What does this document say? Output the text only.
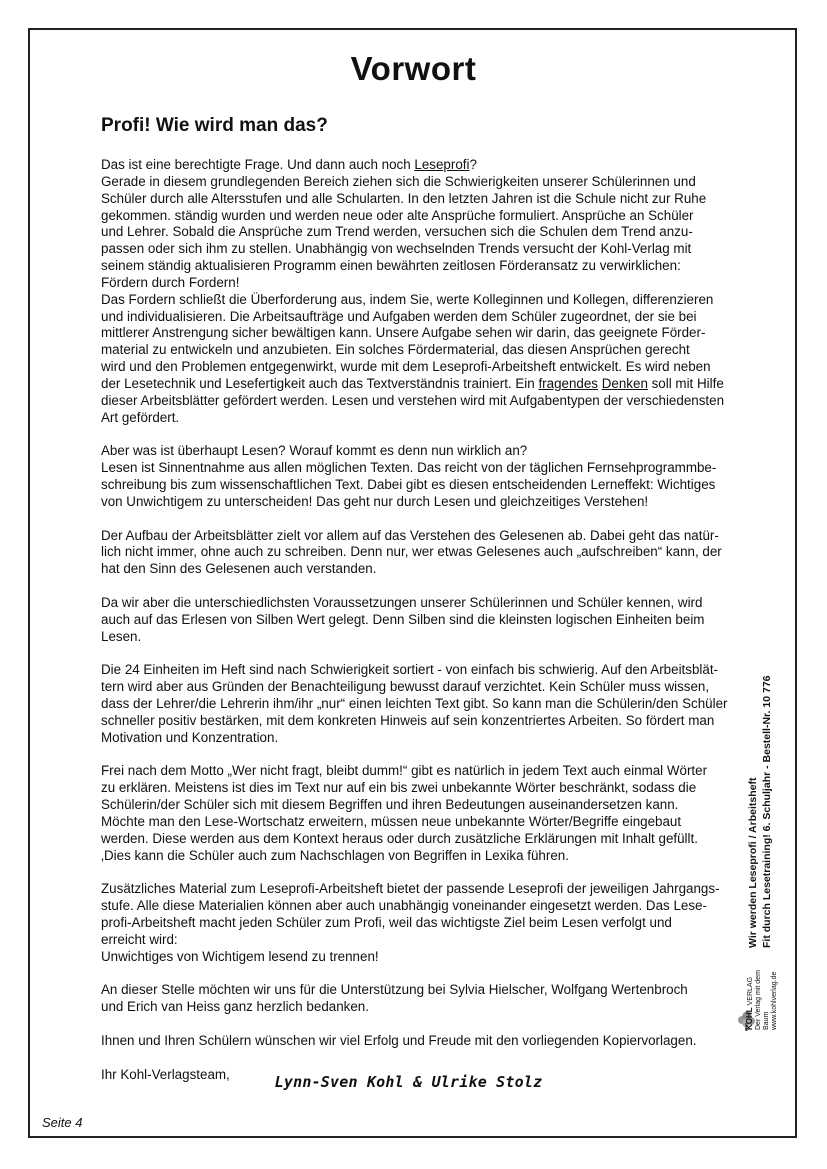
Vorwort
Profi! Wie wird man das?

Das ist eine berechtigte Frage. Und dann auch noch Leseprofi?
Gerade in diesem grundlegenden Bereich ziehen sich die Schwierigkeiten unserer Schülerinnen und
Schüler durch alle Altersstufen und alle Schularten. In den letzten Jahren ist die Schule nicht zur Ruhe
gekommen. ständig wurden und werden neue oder alte Ansprüche formuliert. Ansprüche an Schüler
und Lehrer. Sobald die Ansprüche zum Trend werden, versuchen sich die Schulen dem Trend anzu-
passen oder sich ihm zu stellen. Unabhängig von wechselnden Trends versucht der Kohl-Verlag mit
seinem ständig aktualisieren Programm einen bewährten zeitlosen Förderansatz zu verwirklichen:
Fördern durch Fordern!
Das Fordern schließt die Überforderung aus, indem Sie, werte Kolleginnen und Kollegen, differenzieren
und individualisieren. Die Arbeitsaufträge und Aufgaben werden dem Schüler zugeordnet, der sie bei
mittlerer Anstrengung sicher bewältigen kann. Unsere Aufgabe sehen wir darin, das geeignete Förder-
material zu entwickeln und anzubieten. Ein solches Fördermaterial, das diesen Ansprüchen gerecht
wird und den Problemen entgegenwirkt, wurde mit dem Leseprofi-Arbeitsheft entwickelt. Es wird neben
der Lesetechnik und Lesefertigkeit auch das Textverständnis trainiert. Ein fragendes Denken soll mit Hilfe
dieser Arbeitsblätter gefördert werden. Lesen und verstehen wird mit Aufgabentypen der verschiedensten
Art gefördert.

Aber was ist überhaupt Lesen? Worauf kommt es denn nun wirklich an?
Lesen ist Sinnentnahme aus allen möglichen Texten. Das reicht von der täglichen Fernsehprogrammbe-
schreibung bis zum wissenschaftlichen Text. Dabei gibt es diesen entscheidenden Lerneffekt: Wichtiges
von Unwichtigem zu unterscheiden! Das geht nur durch Lesen und gleichzeitiges Verstehen!

Der Aufbau der Arbeitsblätter zielt vor allem auf das Verstehen des Gelesenen ab. Dabei geht das natür-
lich nicht immer, ohne auch zu schreiben. Denn nur, wer etwas Gelesenes auch „aufschreiben“ kann, der
hat den Sinn des Gelesenen auch verstanden.

Da wir aber die unterschiedlichsten Voraussetzungen unserer Schülerinnen und Schüler kennen, wird
auch auf das Erlesen von Silben Wert gelegt. Denn Silben sind die kleinsten logischen Einheiten beim
Lesen.

Die 24 Einheiten im Heft sind nach Schwierigkeit sortiert - von einfach bis schwierig. Auf den Arbeitsblät-
tern wird aber aus Gründen der Benachteiligung bewusst darauf verzichtet. Kein Schüler muss wissen,
dass der Lehrer/die Lehrerin ihm/ihr „nur“ einen leichten Text gibt. So kann man die Schülerin/den Schüler
schneller positiv bestärken, mit dem konkreten Hinweis auf sein konzentriertes Arbeiten. So fördert man
Motivation und Konzentration.

Frei nach dem Motto „Wer nicht fragt, bleibt dumm!“ gibt es natürlich in jedem Text auch einmal Wörter
zu erklären. Meistens ist dies im Text nur auf ein bis zwei unbekannte Wörter beschränkt, sodass die
Schülerin/der Schüler sich mit diesem Begriffen und ihren Bedeutungen auseinandersetzen kann.
Möchte man den Lese-Wortschatz erweitern, müssen neue unbekannte Wörter/Begriffe eingebaut
werden. Diese werden aus dem Kontext heraus oder durch zusätzliche Erklärungen mit Inhalt gefüllt.
‚Dies kann die Schüler auch zum Nachschlagen von Begriffen in Lexika führen.

Zusätzliches Material zum Leseprofi-Arbeitsheft bietet der passende Leseprofi der jeweiligen Jahrgangs-
stufe. Alle diese Materialien können aber auch unabhängig voneinander eingesetzt werden. Das Lese-
profi-Arbeitsheft macht jeden Schüler zum Profi, weil das wichtigste Ziel beim Lesen verfolgt und
erreicht wird:
Unwichtiges von Wichtigem lesend zu trennen!

An dieser Stelle möchten wir uns für die Unterstützung bei Sylvia Hielscher, Wolfgang Wertenbroch
und Erich van Heiss ganz herzlich bedanken.

Ihnen und Ihren Schülern wünschen wir viel Erfolg und Freude mit den vorliegenden Kopiervorlagen.

Ihr Kohl-Verlagsteam,	Lynn-Sven Kohl & Ulrike Stolz
Seite 4
Wir werden Leseprofi / Arbeitsheft Fit durch Lesetraining! 6. Schuljahr - Bestell-Nr. 10 776
KOHL VERLAG Der Verlag mit dem Baum www.kohlverlag.de
